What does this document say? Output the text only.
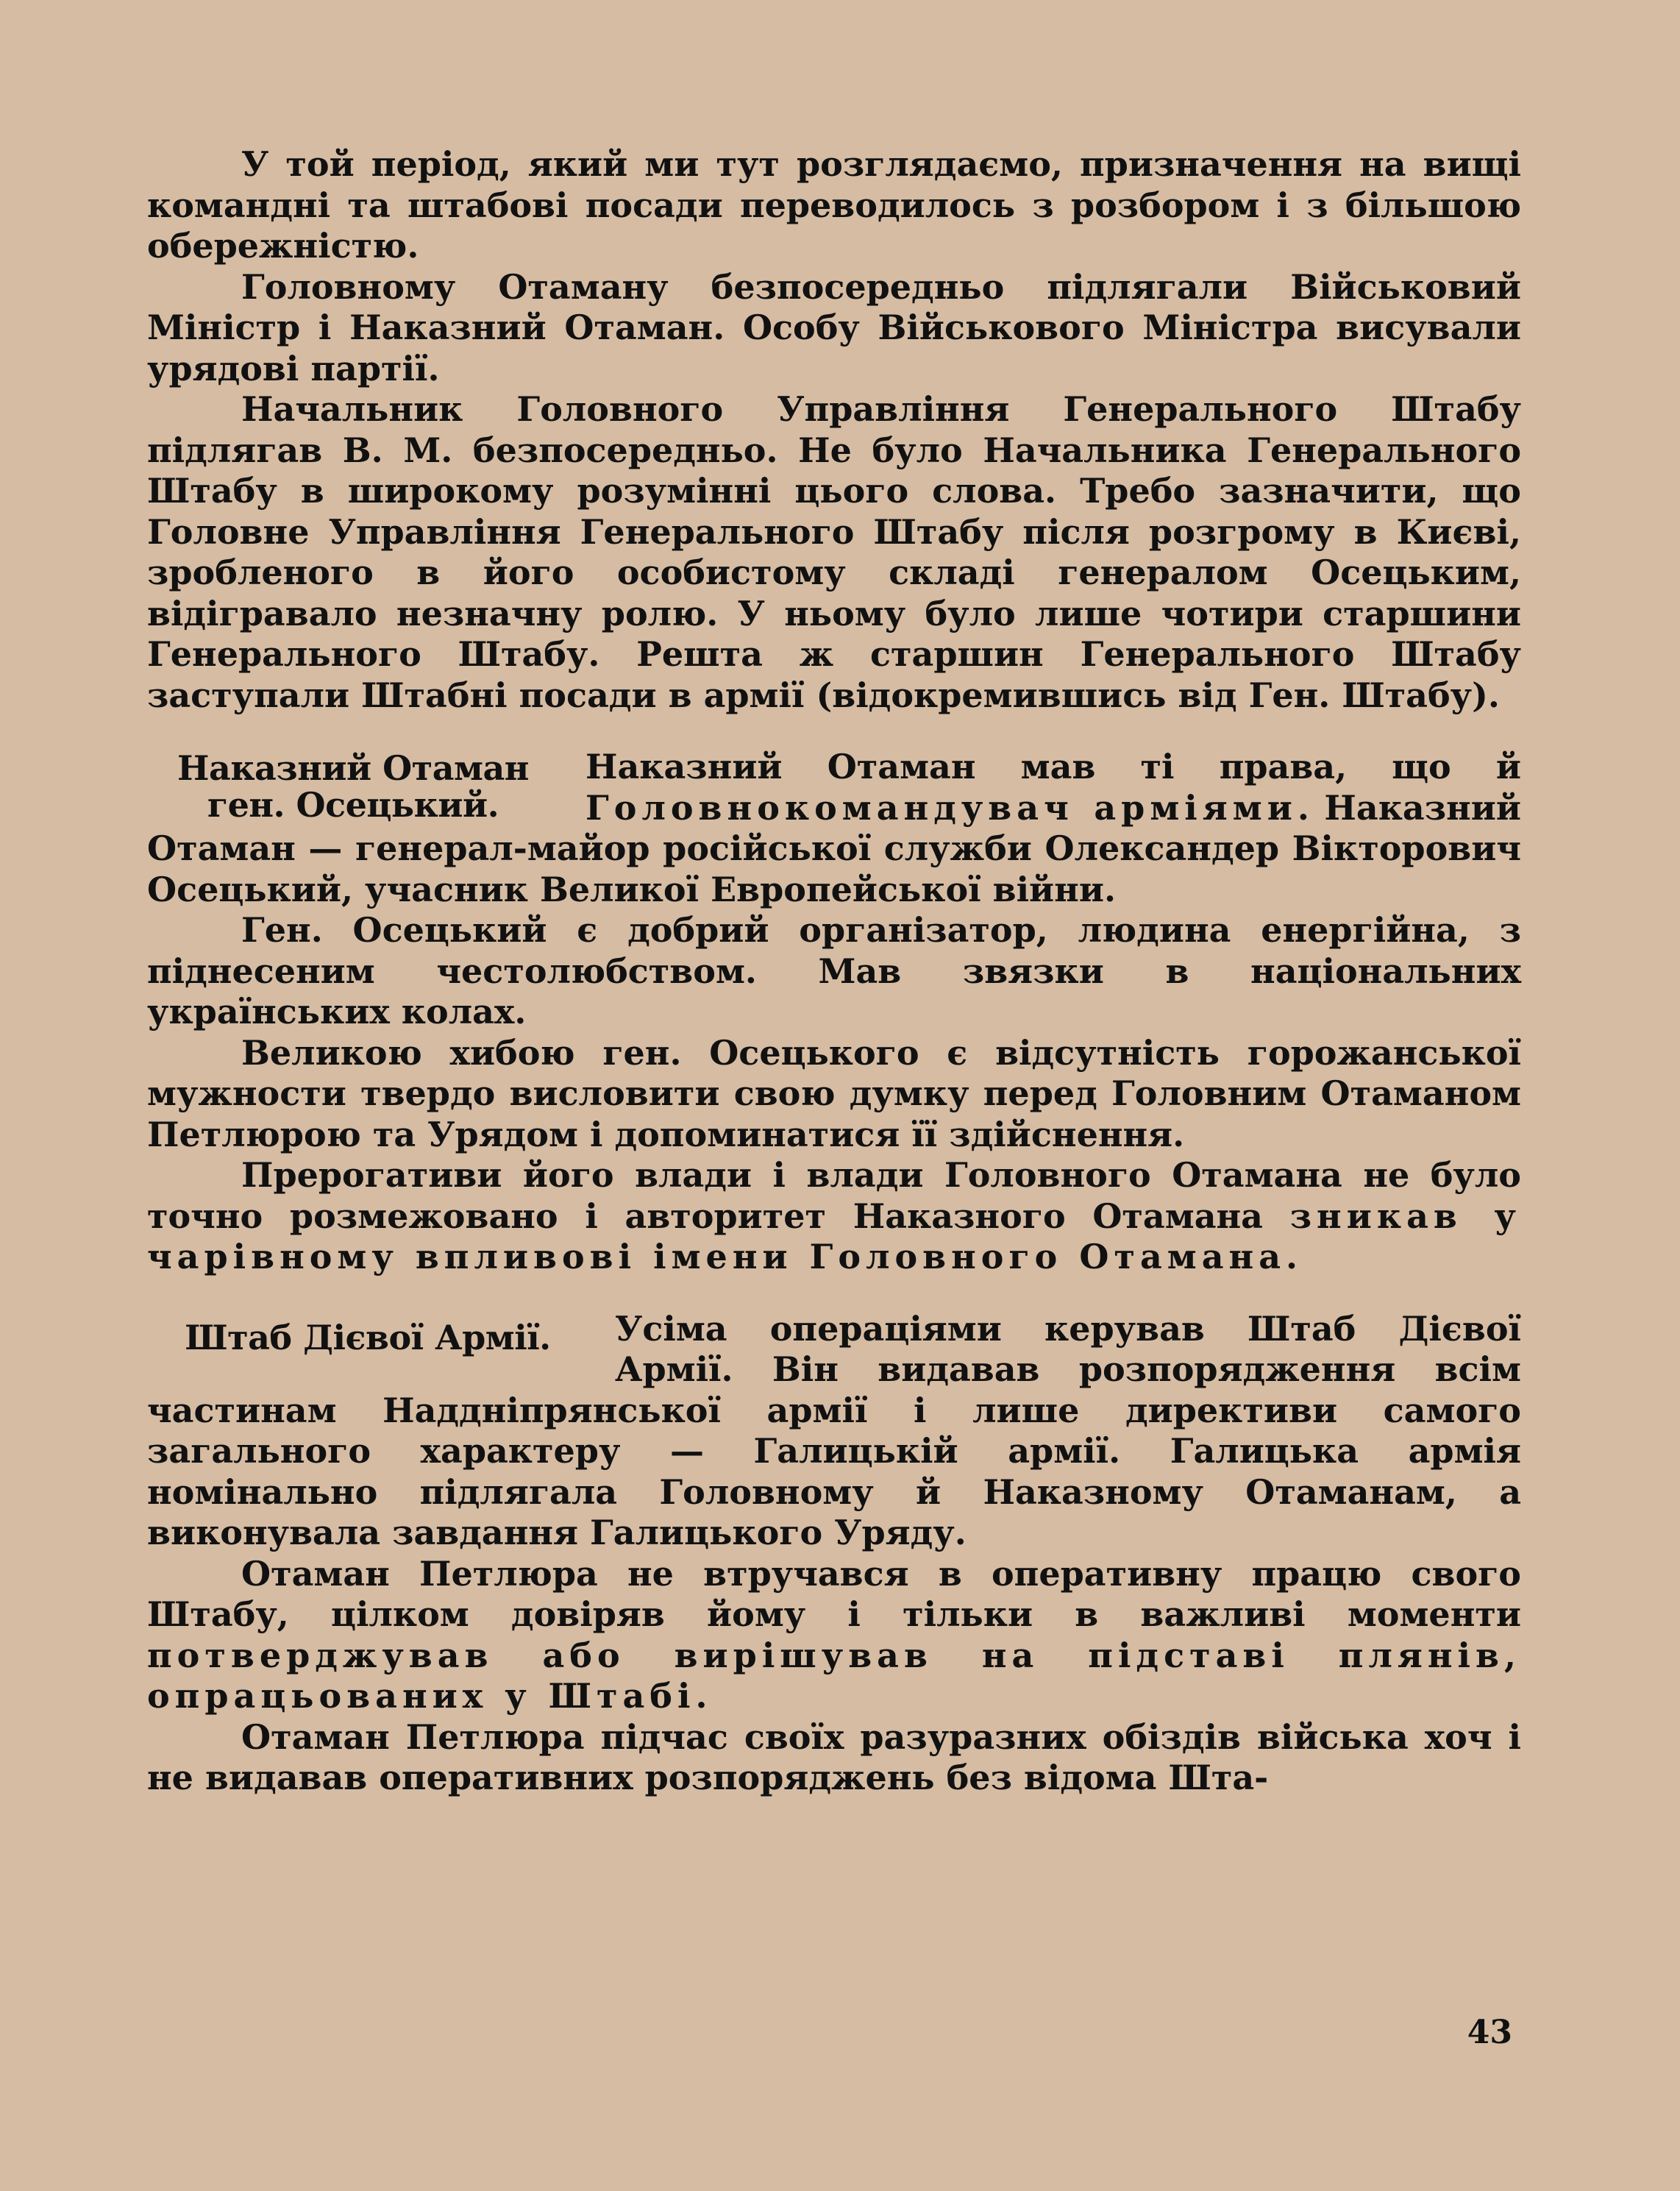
У той період, який ми тут розглядаємо, призначення на вищі командні та штабові посади переводилось з розбором і з більшою обережністю.

Головному Отаману безпосередньо підлягали Військовий Міністр і Наказний Отаман. Особу Військового Міністра висували урядові партії.

Начальник Головного Управління Генерального Штабу підлягав В. М. безпосередньо. Не було Начальника Генерального Штабу в широкому розумінні цього слова. Требо зазначити, що Головне Управління Генерального Штабу після розгрому в Києві, зробленого в його особистому складі генералом Осецьким, відігравало незначну ролю. У ньому було лише чотири старшини Генерального Штабу. Решта ж старшин Генерального Штабу заступали Штабні посади в армії (відокремившись від Ген. Штабу).

Наказний Отаман
ген. Осецький.

Наказний Отаман мав ті права, що й Головнокомандувач арміями. Наказний Отаман — генерал-майор російської служби Олександер Вікторович Осецький, учасник Великої Европейської війни.

Ген. Осецький є добрий організатор, людина енергійна, з піднесеним честолюбством. Мав звязки в національних українських колах.

Великою хибою ген. Осецького є відсутність горожанської мужности твердо висловити свою думку перед Головним Отаманом Петлюрою та Урядом і допоминатися її здійснення.

Прерогативи його влади і влади Головного Отамана не було точно розмежовано і авторитет Наказного Отамана зникав у чарівному впливові імени Головного Отамана.

Штаб Дієвої Армії.	Усіма операціями керував Штаб Дієвої Армії. Він видавав розпорядження всім частинам Наддніпрянської армії і лише директиви самого загального характеру — Галицькій армії. Галицька армія номінально підлягала Головному й Наказному Отаманам, а виконувала завдання Галицького Уряду.

Отаман Петлюра не втручався в оперативну працю свого Штабу, цілком довіряв йому і тільки в важливі моменти потверджував або вирішував на підставі плянів, опрацьованих у Штабі.

Отаман Петлюра підчас своїх разуразних обіздів війська хоч і не видавав оперативних розпоряджень без відома Шта-

43
